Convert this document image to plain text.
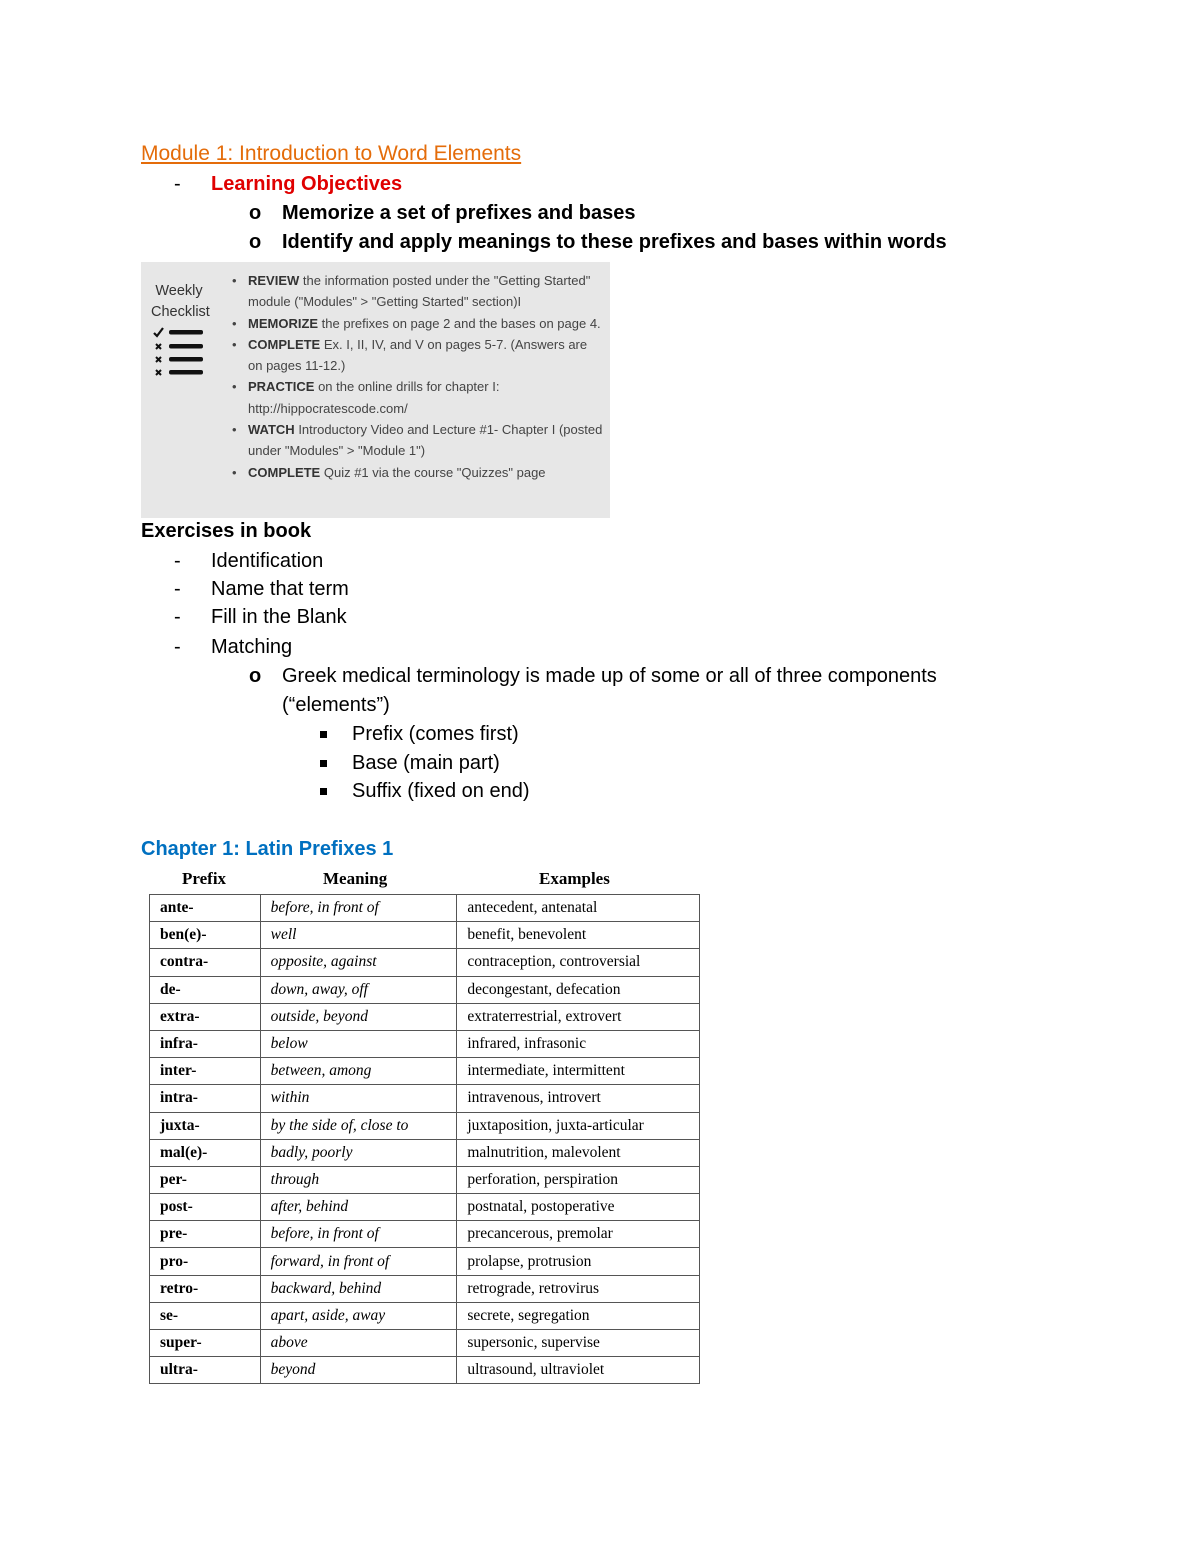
Module 1: Introduction to Word Elements
- Learning Objectives
o Memorize a set of prefixes and bases
o Identify and apply meanings to these prefixes and bases within words
Weekly Checklist
• REVIEW the information posted under the "Getting Started" module ("Modules" > "Getting Started" section)I
• MEMORIZE the prefixes on page 2 and the bases on page 4.
• COMPLETE Ex. I, II, IV, and V on pages 5-7. (Answers are on pages 11-12.)
• PRACTICE on the online drills for chapter I: http://hippocratescode.com/
• WATCH Introductory Video and Lecture #1- Chapter I (posted under "Modules" > "Module 1")
• COMPLETE Quiz #1 via the course "Quizzes" page
Exercises in book
- Identification
- Name that term
- Fill in the Blank
- Matching
o Greek medical terminology is made up of some or all of three components
(“elements”)
Prefix (comes first)
Base (main part)
Suffix (fixed on end)
Chapter 1: Latin Prefixes 1
Prefix	Meaning	Examples
ante-	before, in front of	antecedent, antenatal
ben(e)-	well	benefit, benevolent
contra-	opposite, against	contraception, controversial
de-	down, away, off	decongestant, defecation
extra-	outside, beyond	extraterrestrial, extrovert
infra-	below	infrared, infrasonic
inter-	between, among	intermediate, intermittent
intra-	within	intravenous, introvert
juxta-	by the side of, close to	juxtaposition, juxta-articular
mal(e)-	badly, poorly	malnutrition, malevolent
per-	through	perforation, perspiration
post-	after, behind	postnatal, postoperative
pre-	before, in front of	precancerous, premolar
pro-	forward, in front of	prolapse, protrusion
retro-	backward, behind	retrograde, retrovirus
se-	apart, aside, away	secrete, segregation
super-	above	supersonic, supervise
ultra-	beyond	ultrasound, ultraviolet
